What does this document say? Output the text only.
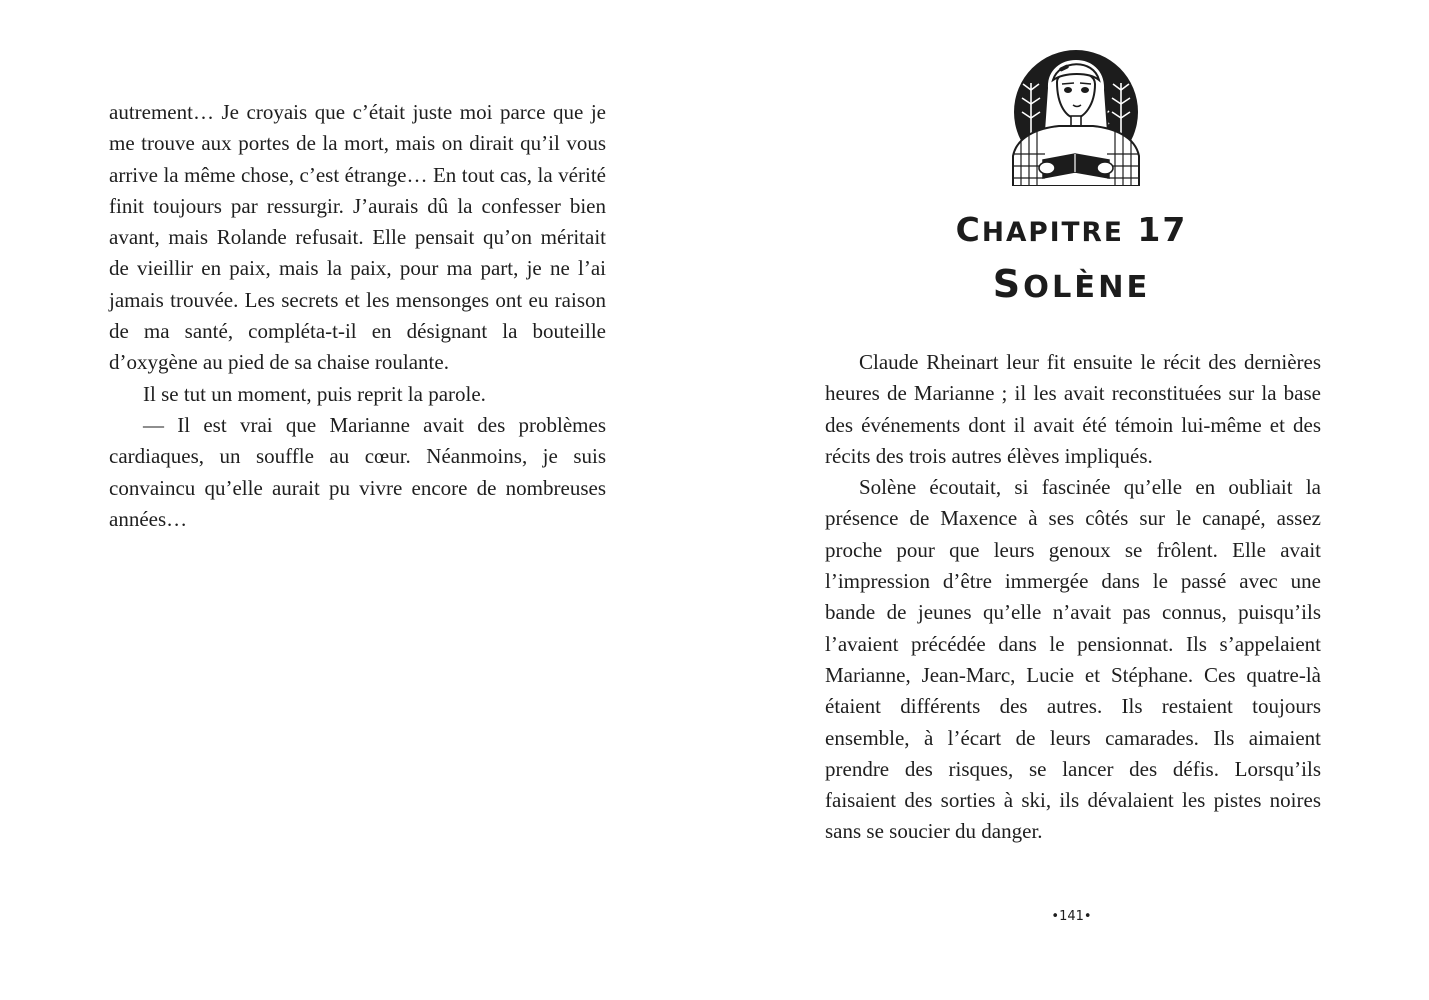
autrement… Je croyais que c’était juste moi parce que je me trouve aux portes de la mort, mais on dirait qu’il vous arrive la même chose, c’est étrange… En tout cas, la vérité finit toujours par ressurgir. J’aurais dû la confesser bien avant, mais Rolande refusait. Elle pensait qu’on méritait de vieillir en paix, mais la paix, pour ma part, je ne l’ai jamais trouvée. Les secrets et les mensonges ont eu raison de ma santé, compléta-t-il en désignant la bouteille d’oxygène au pied de sa chaise roulante.

Il se tut un moment, puis reprit la parole.

— Il est vrai que Marianne avait des problèmes cardiaques, un souffle au cœur. Néanmoins, je suis convaincu qu’elle aurait pu vivre encore de nombreuses années…

CHAPITRE 17
SOLÈNE

Claude Rheinart leur fit ensuite le récit des dernières heures de Marianne ; il les avait reconstituées sur la base des événements dont il avait été témoin lui-même et des récits des trois autres élèves impliqués.

Solène écoutait, si fascinée qu’elle en oubliait la présence de Maxence à ses côtés sur le canapé, assez proche pour que leurs genoux se frôlent. Elle avait l’impression d’être immergée dans le passé avec une bande de jeunes qu’elle n’avait pas connus, puisqu’ils l’avaient précédée dans le pensionnat. Ils s’appelaient Marianne, Jean-Marc, Lucie et Stéphane. Ces quatre-là étaient différents des autres. Ils restaient toujours ensemble, à l’écart de leurs camarades. Ils aimaient prendre des risques, se lancer des défis. Lorsqu’ils faisaient des sorties à ski, ils dévalaient les pistes noires sans se soucier du danger.

•141•
